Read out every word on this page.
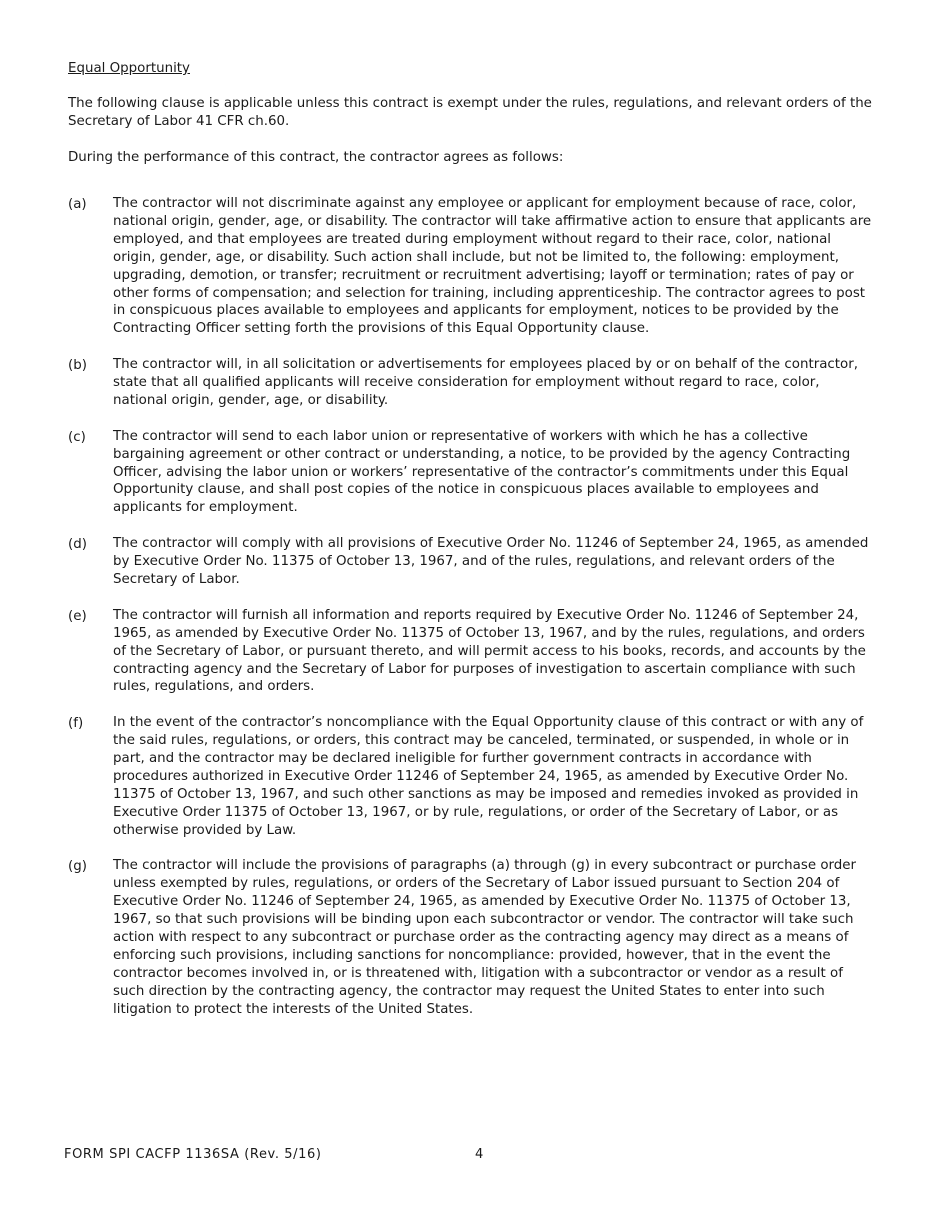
Equal Opportunity

The following clause is applicable unless this contract is exempt under the rules, regulations, and relevant orders of the Secretary of Labor 41 CFR ch.60.

During the performance of this contract, the contractor agrees as follows:

(a)	The contractor will not discriminate against any employee or applicant for employment because of race, color, national origin, gender, age, or disability. The contractor will take affirmative action to ensure that applicants are employed, and that employees are treated during employment without regard to their race, color, national origin, gender, age, or disability. Such action shall include, but not be limited to, the following: employment, upgrading, demotion, or transfer; recruitment or recruitment advertising; layoff or termination; rates of pay or other forms of compensation; and selection for training, including apprenticeship. The contractor agrees to post in conspicuous places available to employees and applicants for employment, notices to be provided by the Contracting Officer setting forth the provisions of this Equal Opportunity clause.
(b)	The contractor will, in all solicitation or advertisements for employees placed by or on behalf of the contractor, state that all qualified applicants will receive consideration for employment without regard to race, color, national origin, gender, age, or disability.
(c)	The contractor will send to each labor union or representative of workers with which he has a collective bargaining agreement or other contract or understanding, a notice, to be provided by the agency Contracting Officer, advising the labor union or workers’ representative of the contractor’s commitments under this Equal Opportunity clause, and shall post copies of the notice in conspicuous places available to employees and applicants for employment.
(d)	The contractor will comply with all provisions of Executive Order No. 11246 of September 24, 1965, as amended by Executive Order No. 11375 of October 13, 1967, and of the rules, regulations, and relevant orders of the Secretary of Labor.
(e)	The contractor will furnish all information and reports required by Executive Order No. 11246 of September 24, 1965, as amended by Executive Order No. 11375 of October 13, 1967, and by the rules, regulations, and orders of the Secretary of Labor, or pursuant thereto, and will permit access to his books, records, and accounts by the contracting agency and the Secretary of Labor for purposes of investigation to ascertain compliance with such rules, regulations, and orders.
(f)	In the event of the contractor’s noncompliance with the Equal Opportunity clause of this contract or with any of the said rules, regulations, or orders, this contract may be canceled, terminated, or suspended, in whole or in part, and the contractor may be declared ineligible for further government contracts in accordance with procedures authorized in Executive Order 11246 of September 24, 1965, as amended by Executive Order No. 11375 of October 13, 1967, and such other sanctions as may be imposed and remedies invoked as provided in Executive Order 11375 of October 13, 1967, or by rule, regulations, or order of the Secretary of Labor, or as otherwise provided by Law.
(g)	The contractor will include the provisions of paragraphs (a) through (g) in every subcontract or purchase order unless exempted by rules, regulations, or orders of the Secretary of Labor issued pursuant to Section 204 of Executive Order No. 11246 of September 24, 1965, as amended by Executive Order No. 11375 of October 13, 1967, so that such provisions will be binding upon each subcontractor or vendor. The contractor will take such action with respect to any subcontract or purchase order as the contracting agency may direct as a means of enforcing such provisions, including sanctions for noncompliance: provided, however, that in the event the contractor becomes involved in, or is threatened with, litigation with a subcontractor or vendor as a result of such direction by the contracting agency, the contractor may request the United States to enter into such litigation to protect the interests of the United States.
FORM SPI CACFP 1136SA (Rev. 5/16)	4
